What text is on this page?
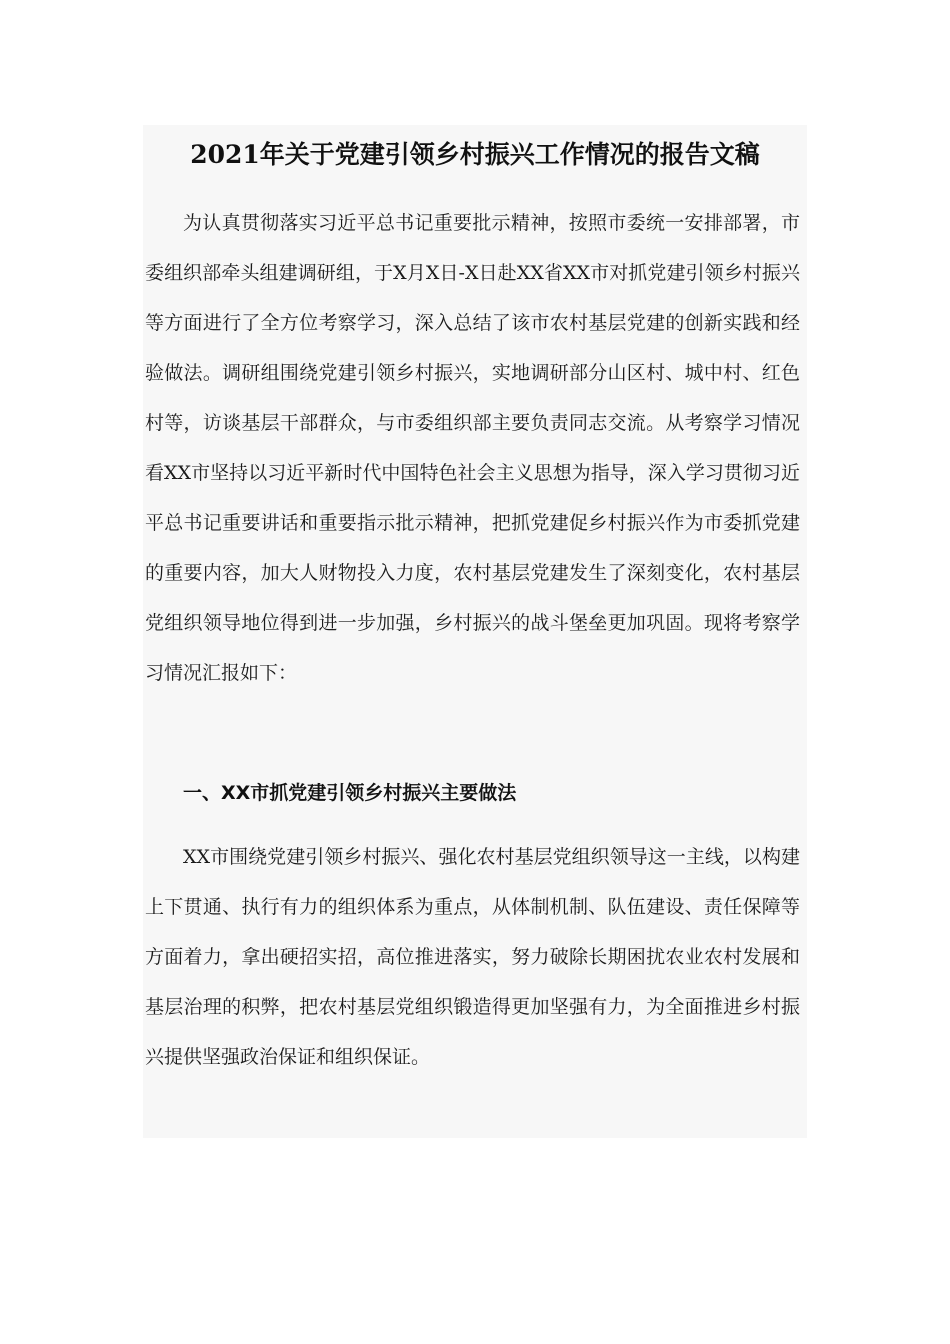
2021年关于党建引领乡村振兴工作情况的报告文稿

为认真贯彻落实习近平总书记重要批示精神，按照市委统一安排部署，市委组织部牵头组建调研组，于X月X日-X日赴XX省XX市对抓党建引领乡村振兴等方面进行了全方位考察学习，深入总结了该市农村基层党建的创新实践和经验做法。调研组围绕党建引领乡村振兴，实地调研部分山区村、城中村、红色村等，访谈基层干部群众，与市委组织部主要负责同志交流。从考察学习情况看XX市坚持以习近平新时代中国特色社会主义思想为指导，深入学习贯彻习近平总书记重要讲话和重要指示批示精神，把抓党建促乡村振兴作为市委抓党建的重要内容，加大人财物投入力度，农村基层党建发生了深刻变化，农村基层党组织领导地位得到进一步加强，乡村振兴的战斗堡垒更加巩固。现将考察学习情况汇报如下：

一、XX市抓党建引领乡村振兴主要做法

XX市围绕党建引领乡村振兴、强化农村基层党组织领导这一主线，以构建上下贯通、执行有力的组织体系为重点，从体制机制、队伍建设、责任保障等方面着力，拿出硬招实招，高位推进落实，努力破除长期困扰农业农村发展和基层治理的积弊，把农村基层党组织锻造得更加坚强有力，为全面推进乡村振兴提供坚强政治保证和组织保证。
